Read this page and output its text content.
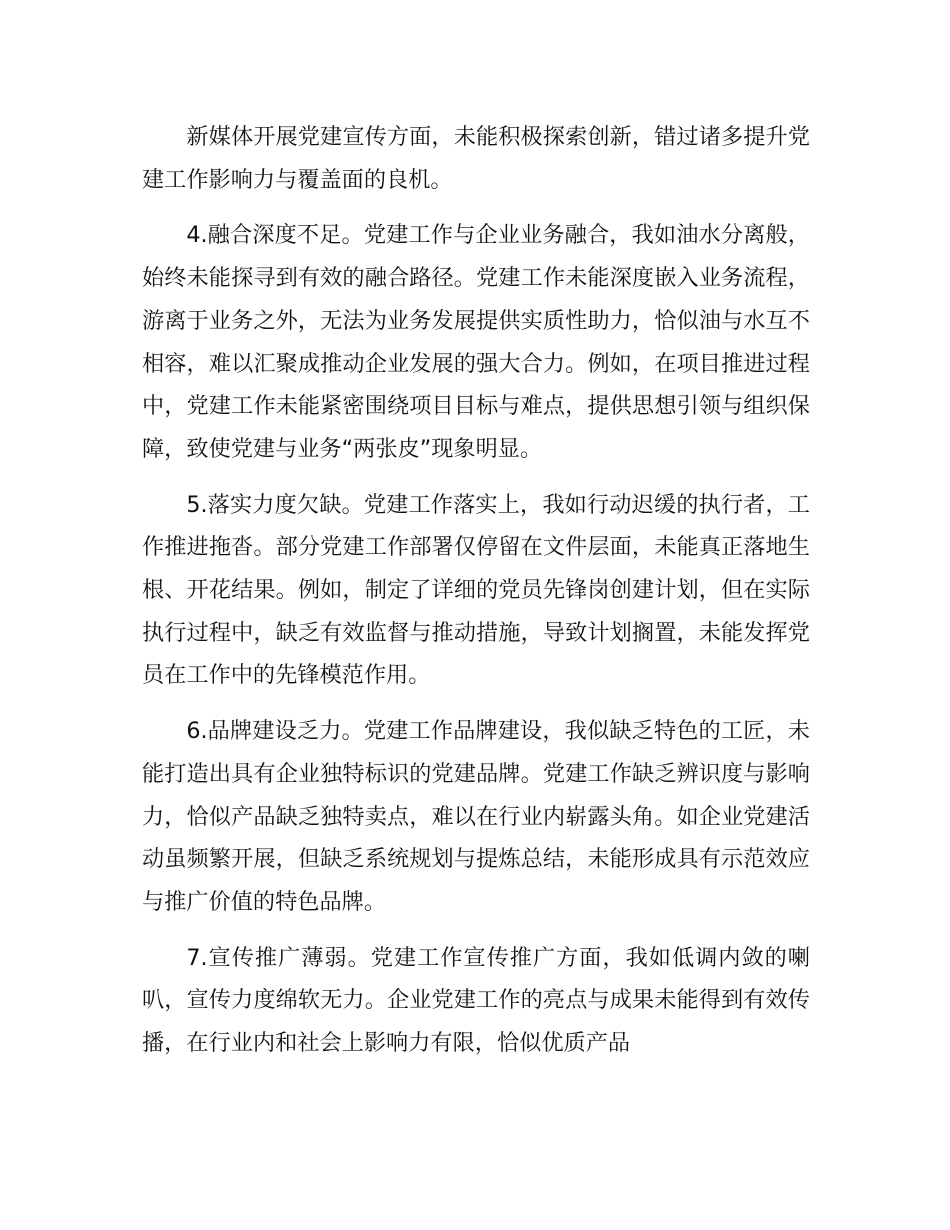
新媒体开展党建宣传方面，未能积极探索创新，错过诸多提升党建工作影响力与覆盖面的良机。

4.融合深度不足。党建工作与企业业务融合，我如油水分离般，始终未能探寻到有效的融合路径。党建工作未能深度嵌入业务流程，游离于业务之外，无法为业务发展提供实质性助力，恰似油与水互不相容，难以汇聚成推动企业发展的强大合力。例如，在项目推进过程中，党建工作未能紧密围绕项目目标与难点，提供思想引领与组织保障，致使党建与业务“两张皮”现象明显。

5.落实力度欠缺。党建工作落实上，我如行动迟缓的执行者，工作推进拖沓。部分党建工作部署仅停留在文件层面，未能真正落地生根、开花结果。例如，制定了详细的党员先锋岗创建计划，但在实际执行过程中，缺乏有效监督与推动措施，导致计划搁置，未能发挥党员在工作中的先锋模范作用。

6.品牌建设乏力。党建工作品牌建设，我似缺乏特色的工匠，未能打造出具有企业独特标识的党建品牌。党建工作缺乏辨识度与影响力，恰似产品缺乏独特卖点，难以在行业内崭露头角。如企业党建活动虽频繁开展，但缺乏系统规划与提炼总结，未能形成具有示范效应与推广价值的特色品牌。

7.宣传推广薄弱。党建工作宣传推广方面，我如低调内敛的喇叭，宣传力度绵软无力。企业党建工作的亮点与成果未能得到有效传播，在行业内和社会上影响力有限，恰似优质产品
